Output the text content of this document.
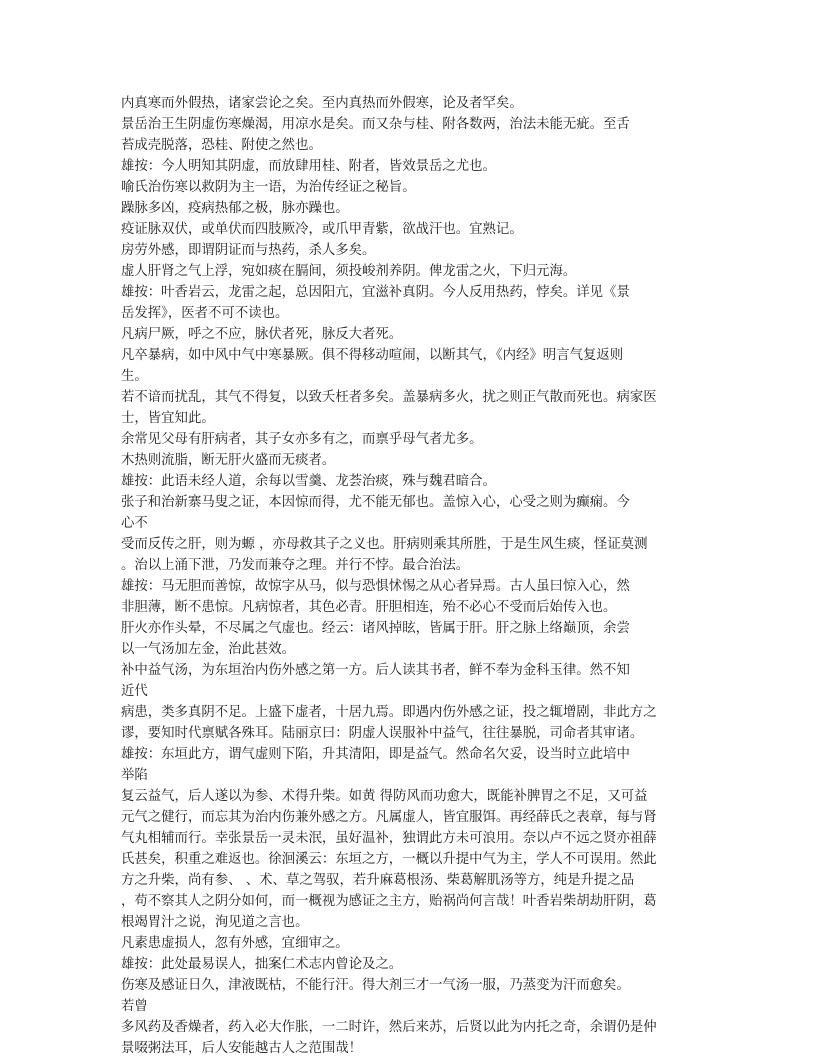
内真寒而外假热，诸家尝论之矣。至内真热而外假寒，论及者罕矣。
景岳治王生阴虚伤寒燥渴，用凉水是矣。而又杂与桂、附各数两，治法未能无疵。至舌
苔成壳脱落，恐桂、附使之然也。
雄按：今人明知其阴虚，而放肆用桂、附者，皆效景岳之尤也。
喻氏治伤寒以救阴为主一语，为治传经证之秘旨。
躁脉多凶，疫病热郁之极，脉亦躁也。
疫证脉双伏，或单伏而四肢厥冷，或爪甲青紫，欲战汗也。宜熟记。
房劳外感，即谓阴证而与热药，杀人多矣。
虚人肝肾之气上浮，宛如痰在膈间，须投峻剂养阴。俾龙雷之火，下归元海。
雄按：叶香岩云，龙雷之起，总因阳亢，宜滋补真阴。今人反用热药，悖矣。详见《景
岳发挥》，医者不可不读也。
凡病尸厥，呼之不应，脉伏者死，脉反大者死。
凡卒暴病，如中风中气中寒暴厥。俱不得移动喧闹，以断其气，《内经》明言气复返则
生。
若不谙而扰乱，其气不得复，以致夭枉者多矣。盖暴病多火，扰之则正气散而死也。病家医
士，皆宜知此。
余常见父母有肝病者，其子女亦多有之，而禀乎母气者尤多。
木热则流脂，断无肝火盛而无痰者。
雄按：此语未经人道，余每以雪羹、龙荟治痰，殊与魏君暗合。
张子和治新寨马叟之证，本因惊而得，尤不能无郁也。盖惊入心，心受之则为癫痫。今
心不
受而反传之肝，则为螈 ，亦母救其子之义也。肝病则乘其所胜，于是生风生痰，怪证莫测
。治以上涌下泄，乃发而兼夺之理。并行不悖。最合治法。
雄按：马无胆而善惊，故惊字从马，似与恐惧怵惕之从心者异焉。古人虽曰惊入心，然
非胆薄，断不患惊。凡病惊者，其色必青。肝胆相连，殆不必心不受而后始传入也。
肝火亦作头晕，不尽属之气虚也。经云：诸风掉眩，皆属于肝。肝之脉上络巅顶，余尝
以一气汤加左金，治此甚效。
补中益气汤，为东垣治内伤外感之第一方。后人读其书者，鲜不奉为金科玉律。然不知
近代
病患，类多真阴不足。上盛下虚者，十居九焉。即遇内伤外感之证，投之辄增剧，非此方之
谬，要知时代禀赋各殊耳。陆丽京曰：阴虚人误服补中益气，往往暴脱，司命者其审诸。
雄按：东垣此方，谓气虚则下陷，升其清阳，即是益气。然命名欠妥，设当时立此培中
举陷
复云益气，后人遂以为参、术得升柴。如黄 得防风而功愈大，既能补脾胃之不足，又可益
元气之健行，而忘其为治内伤兼外感之方。凡属虚人，皆宜服饵。再经薛氏之表章，每与肾
气丸相辅而行。幸张景岳一灵未泯，虽好温补，独谓此方未可浪用。奈以卢不远之贤亦祖薛
氏甚矣，积重之难返也。徐洄溪云：东垣之方，一概以升提中气为主，学人不可误用。然此
方之升柴，尚有参、 、术、草之驾驭，若升麻葛根汤、柴葛解肌汤等方，纯是升提之品
，苟不察其人之阴分如何，而一概视为感证之主方，贻祸尚何言哉！叶香岩柴胡劫肝阴，葛
根竭胃汁之说，洵见道之言也。
凡素患虚损人，忽有外感，宜细审之。
雄按：此处最易误人，拙案仁术志内曾论及之。
伤寒及感证日久，津液既枯，不能行汗。得大剂三才一气汤一服，乃蒸变为汗而愈矣。
若曾
多风药及香燥者，药入必大作胀，一二时许，然后来苏，后贤以此为内托之奇，余谓仍是仲
景啜粥法耳，后人安能越古人之范围哉！
